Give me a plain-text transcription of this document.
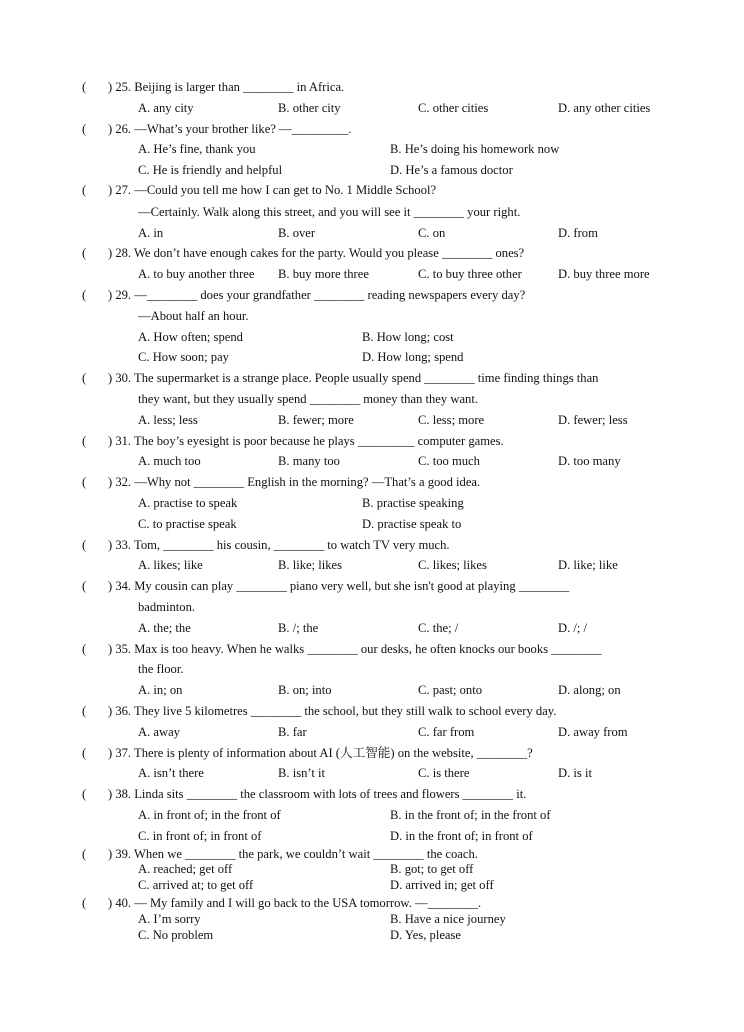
( ) 25. Beijing is larger than ________ in Africa.
A. any city	B. other city	C. other cities	D. any other cities
( ) 26. —What’s your brother like? —_________.
A. He’s fine, thank you	B. He’s doing his homework now
C. He is friendly and helpful	D. He’s a famous doctor
( ) 27. —Could you tell me how I can get to No. 1 Middle School?
—Certainly. Walk along this street, and you will see it ________ your right.
A. in	B. over	C. on	D. from
( ) 28. We don’t have enough cakes for the party. Would you please ________ ones?
A. to buy another three B. buy more three	C. to buy three other	D. buy three more
( ) 29. —________ does your grandfather ________ reading newspapers every day?
—About half an hour.
A. How often; spend	B. How long; cost
C. How soon; pay	D. How long; spend
( ) 30. The supermarket is a strange place. People usually spend ________ time finding things than
they want, but they usually spend ________ money than they want.
A. less; less	B. fewer; more	C. less; more	D. fewer; less
( ) 31. The boy’s eyesight is poor because he plays _________ computer games.
A. much too	B. many too	C. too much	D. too many
( ) 32. —Why not ________ English in the morning? —That’s a good idea.
A. practise to speak	B. practise speaking
C. to practise speak	D. practise speak to
( ) 33. Tom, ________ his cousin, ________ to watch TV very much.
A. likes; like	B. like; likes	C. likes; likes	D. like; like
( ) 34. My cousin can play ________ piano very well, but she isn't good at playing ________
badminton.
A. the; the	B. /; the	C. the; /	D. /; /
( ) 35. Max is too heavy. When he walks ________ our desks, he often knocks our books ________
the floor.
A. in; on	B. on; into	C. past; onto	D. along; on
( ) 36. They live 5 kilometres ________ the school, but they still walk to school every day.
A. away	B. far	C. far from	D. away from
( ) 37. There is plenty of information about AI (人工智能) on the website, ________?
A. isn’t there	B. isn’t it	C. is there	D. is it
( ) 38. Linda sits ________ the classroom with lots of trees and flowers ________ it.
A. in front of; in the front of	B. in the front of; in the front of
C. in front of; in front of	D. in the front of; in front of
( ) 39. When we ________ the park, we couldn’t wait ________ the coach.
A. reached; get off	B. got; to get off
C. arrived at; to get off	D. arrived in; get off
( ) 40. — My family and I will go back to the USA tomorrow. —________.
A. I’m sorry	B. Have a nice journey
C. No problem	D. Yes, please
